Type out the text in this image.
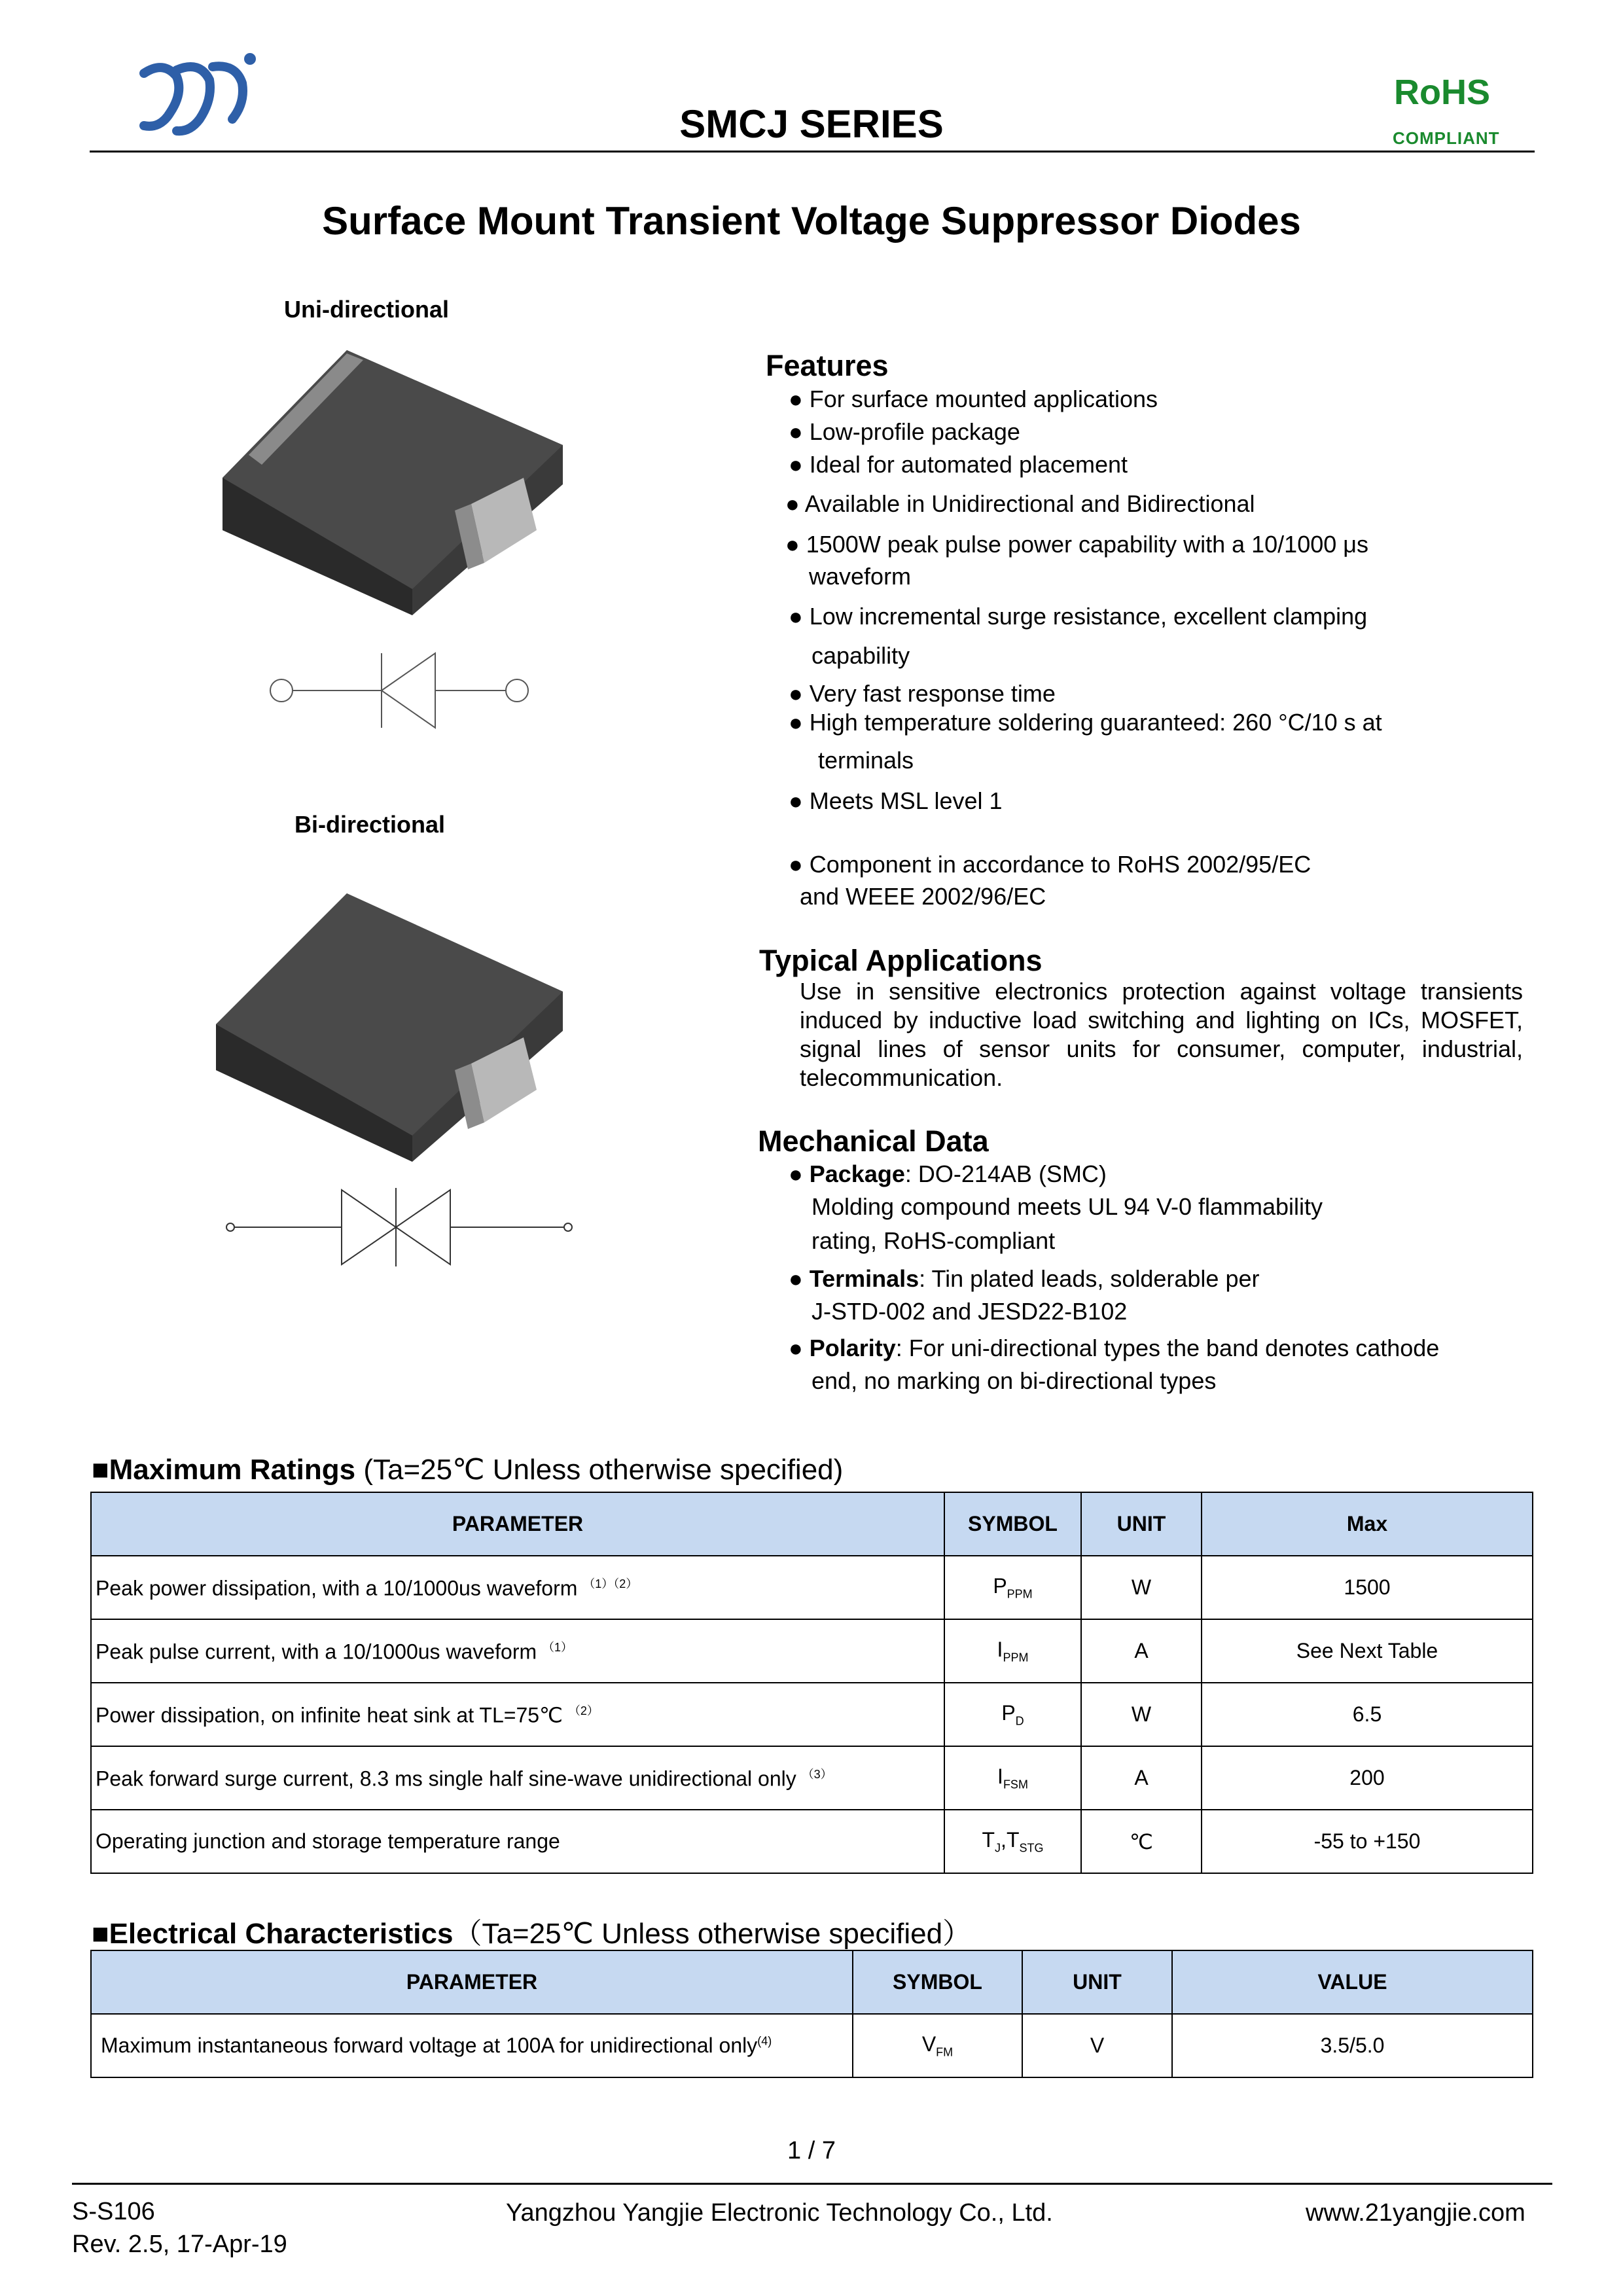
SMCJ SERIES
RoHS
COMPLIANT
Surface Mount Transient Voltage Suppressor Diodes
Uni-directional
Bi-directional
Features
● For surface mounted applications
● Low-profile package
● Ideal for automated placement
● Available in Unidirectional and Bidirectional
● 1500W peak pulse power capability with a 10/1000 μs
waveform
● Low incremental surge resistance, excellent clamping
capability
● Very fast response time
● High temperature soldering guaranteed: 260 °C/10 s at
terminals
● Meets MSL level 1
● Component in accordance to RoHS 2002/95/EC
and WEEE 2002/96/EC
Typical Applications
Use in sensitive electronics protection against voltage transients induced by inductive load switching and lighting on ICs, MOSFET, signal lines of sensor units for consumer, computer, industrial, telecommunication.
Mechanical Data
● Package: DO-214AB (SMC)
Molding compound meets UL 94 V-0 flammability
rating, RoHS-compliant
● Terminals: Tin plated leads, solderable per
J-STD-002 and JESD22-B102
● Polarity: For uni-directional types the band denotes cathode
end, no marking on bi-directional types
■Maximum Ratings (Ta=25℃ Unless otherwise specified)
PARAMETER	SYMBOL	UNIT	Max
Peak power dissipation, with a 10/1000us waveform $^{(1)(2)}$	$P_{PPM}$	W	1500
Peak pulse current, with a 10/1000us waveform $^{(1)}$	$I_{PPM}$	A	See Next Table
Power dissipation, on infinite heat sink at TL=75℃ $^{(2)}$	$P_D$	W	6.5
Peak forward surge current, 8.3 ms single half sine-wave unidirectional only $^{(3)}$	$I_{FSM}$	A	200
Operating junction and storage temperature range	$T_J,T_{STG}$	℃	-55 to +150
■Electrical Characteristics（Ta=25℃ Unless otherwise specified）
PARAMETER	SYMBOL	UNIT	VALUE
Maximum instantaneous forward voltage at 100A for unidirectional only$^{(4)}$	$V_{FM}$	V	3.5/5.0
1 / 7
S-S106
Rev. 2.5, 17-Apr-19
Yangzhou Yangjie Electronic Technology Co., Ltd.	www.21yangjie.com
